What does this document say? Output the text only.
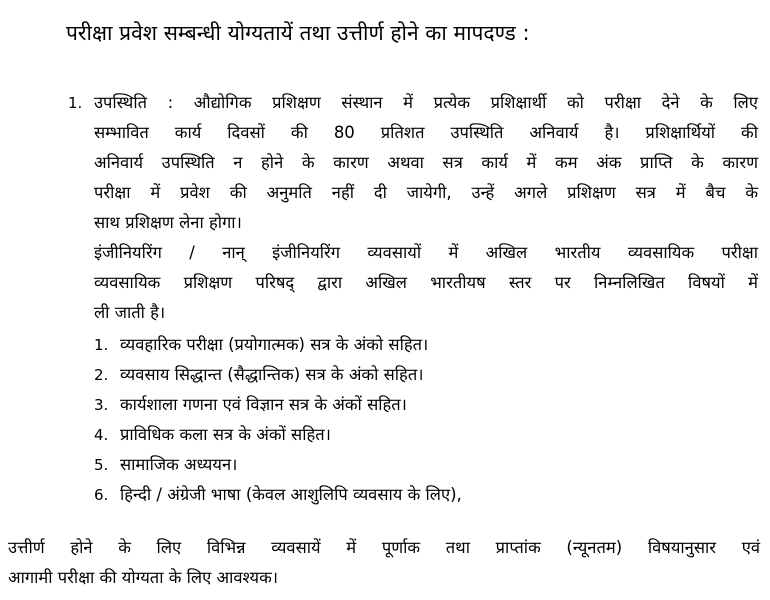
परीक्षा प्रवेश सम्बन्धी योग्यतायें तथा उत्तीर्ण होने का मापदण्ड :
1. उपस्थिति : औद्योगिक प्रशिक्षण संस्थान में प्रत्येक प्रशिक्षार्थी को परीक्षा देने के लिए
सम्भावित कार्य दिवसों की 80 प्रतिशत उपस्थिति अनिवार्य है। प्रशिक्षार्थियों की
अनिवार्य उपस्थिति न होने के कारण अथवा सत्र कार्य में कम अंक प्राप्ति के कारण
परीक्षा में प्रवेश की अनुमति नहीं दी जायेगी, उन्हें अगले प्रशिक्षण सत्र में बैच के
साथ प्रशिक्षण लेना होगा।
इंजीनियरिंग / नान् इंजीनियरिंग व्यवसायों में अखिल भारतीय व्यवसायिक परीक्षा
व्यवसायिक प्रशिक्षण परिषद् द्वारा अखिल भारतीयष स्तर पर निम्नलिखित विषयों में
ली जाती है।
1. व्यवहारिक परीक्षा (प्रयोगात्मक) सत्र के अंको सहित।
2. व्यवसाय सिद्धान्त (सैद्धान्तिक) सत्र के अंको सहित।
3. कार्यशाला गणना एवं विज्ञान सत्र के अंकों सहित।
4. प्राविधिक कला सत्र के अंकों सहित।
5. सामाजिक अध्ययन।
6. हिन्दी / अंग्रेजी भाषा (केवल आशुलिपि व्यवसाय के लिए),
उत्तीर्ण होने के लिए विभिन्न व्यवसायें में पूर्णाक तथा प्राप्तांक (न्यूनतम) विषयानुसार एवं
आगामी परीक्षा की योग्यता के लिए आवश्यक।
